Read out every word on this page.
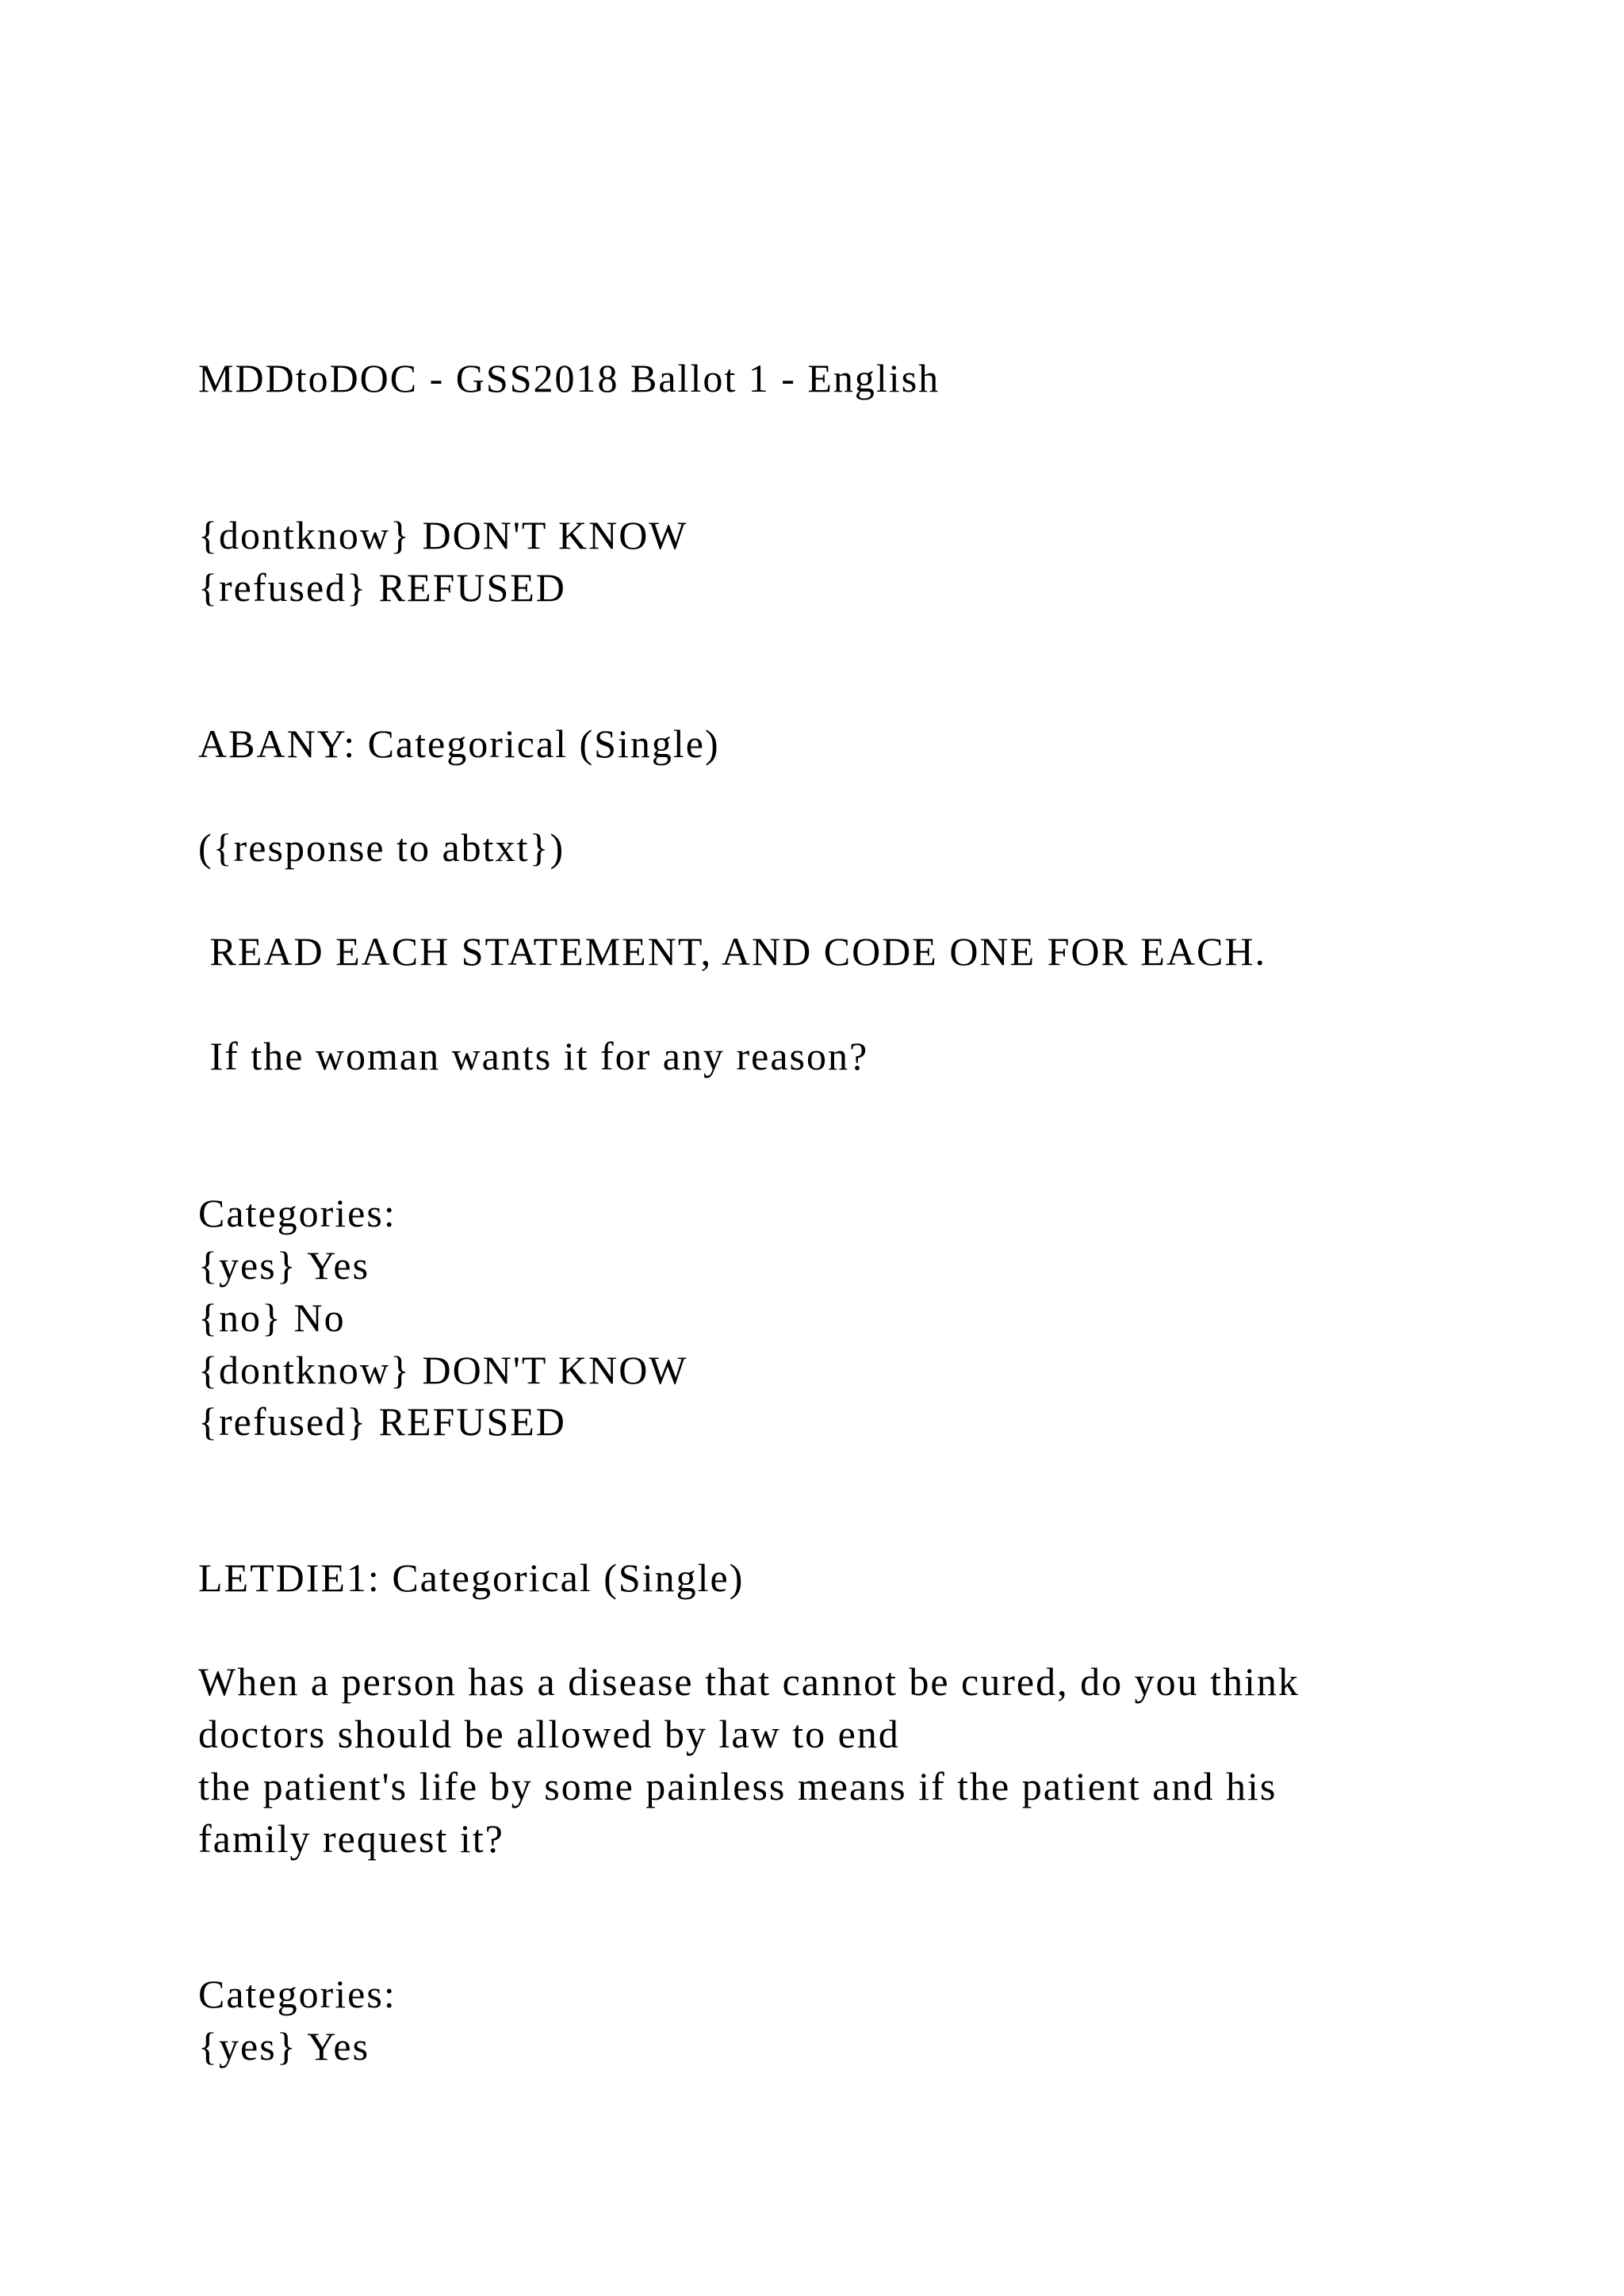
MDDtoDOC - GSS2018 Ballot 1 - English
{dontknow} DON'T KNOW
{refused} REFUSED
ABANY: Categorical (Single)
({response to abtxt})
READ EACH STATEMENT, AND CODE ONE FOR EACH.
If the woman wants it for any reason?
Categories:
{yes} Yes
{no} No
{dontknow} DON'T KNOW
{refused} REFUSED
LETDIE1: Categorical (Single)
When a person has a disease that cannot be cured, do you think
doctors should be allowed by law to end
the patient's life by some painless means if the patient and his
family request it?
Categories:
{yes} Yes
